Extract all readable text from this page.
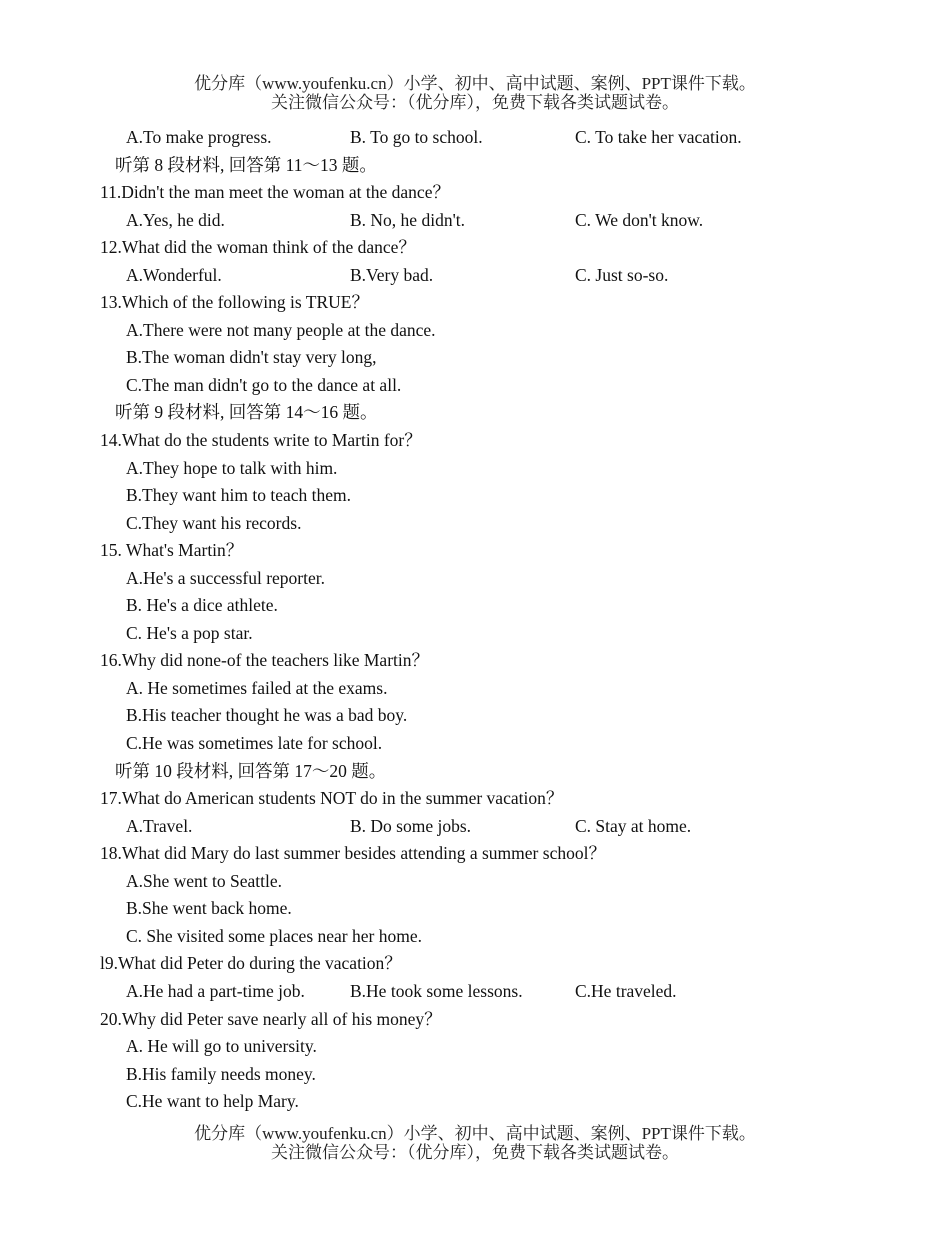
优分库（www.youfenku.cn）小学、初中、高中试题、案例、PPT课件下载。
关注微信公众号：（优分库），免费下载各类试题试卷。
A.To make progress.	B. To go to school.	C. To take her vacation.
听第 8 段材料, 回答第 11～13 题。
11.Didn't the man meet the woman at the dance？
A.Yes, he did.	B. No, he didn't.	C. We don't know.
12.What did the woman think of the dance？
A.Wonderful.	B.Very bad.	C. Just so-so.
13.Which of the following is TRUE？
A.There were not many people at the dance.
B.The woman didn't stay very long,
C.The man didn't go to the dance at all.
听第 9 段材料, 回答第 14～16 题。
14.What do the students write to Martin for？
A.They hope to talk with him.
B.They want him to teach them.
C.They want his records.
15. What's Martin？
A.He's a successful reporter.
B. He's a dice athlete.
C. He's a pop star.
16.Why did none-of the teachers like Martin？
A. He sometimes failed at the exams.
B.His teacher thought he was a bad boy.
C.He was sometimes late for school.
听第 10 段材料, 回答第 17～20 题。
17.What do American students NOT do in the summer vacation？
A.Travel.	B. Do some jobs.	C. Stay at home.
18.What did Mary do last summer besides attending a summer school？
A.She went to Seattle.
B.She went back home.
C. She visited some places near her home.
l9.What did Peter do during the vacation？
A.He had a part-time job.	B.He took some lessons.	C.He traveled.
20.Why did Peter save nearly all of his money？
A. He will go to university.
B.His family needs money.
C.He want to help Mary.
优分库（www.youfenku.cn）小学、初中、高中试题、案例、PPT课件下载。
关注微信公众号：（优分库），免费下载各类试题试卷。
